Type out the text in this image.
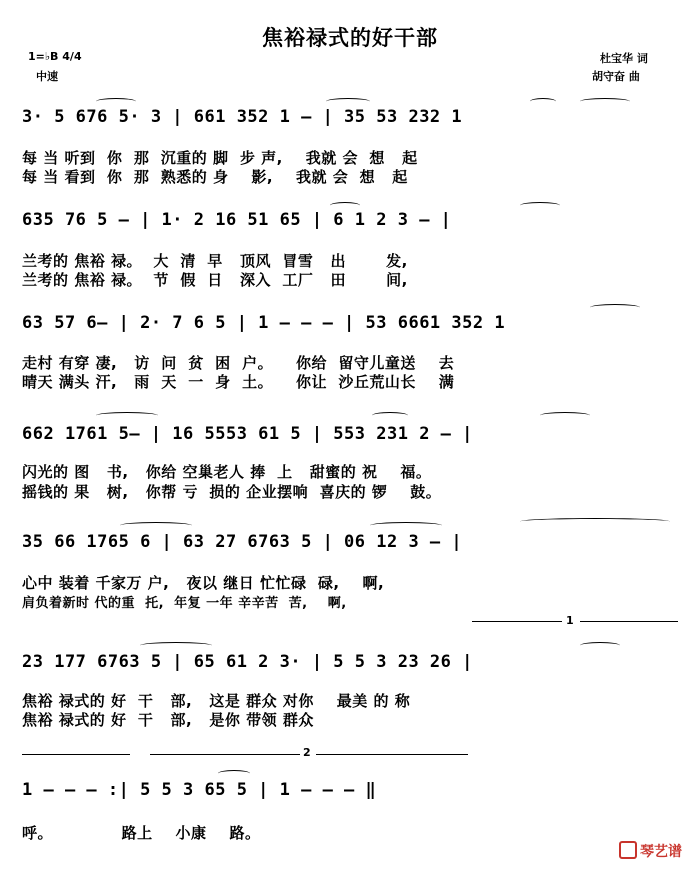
焦裕禄式的好干部
1=♭B 4/4
中速
杜宝华 词
胡守奋 曲
3· 5 676 5· 3 | 661 352 1 — | 35 53 232 1
每 当 听到  你  那  沉重的 脚  步 声,    我就 会  想   起
每 当 看到  你  那  熟悉的 身    影,    我就 会  想   起
635 76 5 — | 1· 2 16 51 65 | 6 1 2 3 — |
兰考的 焦裕 禄。  大  清  早   顶风  冒雪   出       发,
兰考的 焦裕 禄。  节  假  日   深入  工厂   田       间,
63 57 6— | 2· 7 6 5 | 1 — — — | 53 6661 352 1
走村 有穿 凄,   访  问  贫  困  户。    你给  留守儿童送    去
晴天 满头 汗,   雨  天  一  身  土。    你让  沙丘荒山长    满
662 1761 5— | 16 5553 61 5 | 553 231 2 — |
闪光的 图   书,   你给 空巢老人 捧  上   甜蜜的 祝    福。
摇钱的 果   树,   你帮 亏  损的 企业摆响  喜庆的 锣    鼓。
35 66 1765 6 | 63 27 6763 5 | 06 12 3 — |
心中 装着 千家万 户,   夜以 继日 忙忙碌  碌,    啊,
肩负着新时 代的重  托,  年复 一年 辛辛苦  苦,    啊,
1
23 177 6763 5 | 65 61 2 3· | 5 5 3 23 26 |
焦裕 禄式的 好  干   部,   这是 群众 对你    最美 的 称
焦裕 禄式的 好  干   部,   是你 带领 群众
2
1 — — — :| 5 5 3 65 5 | 1 — — — ‖
呼。            路上    小康    路。

琴艺谱
